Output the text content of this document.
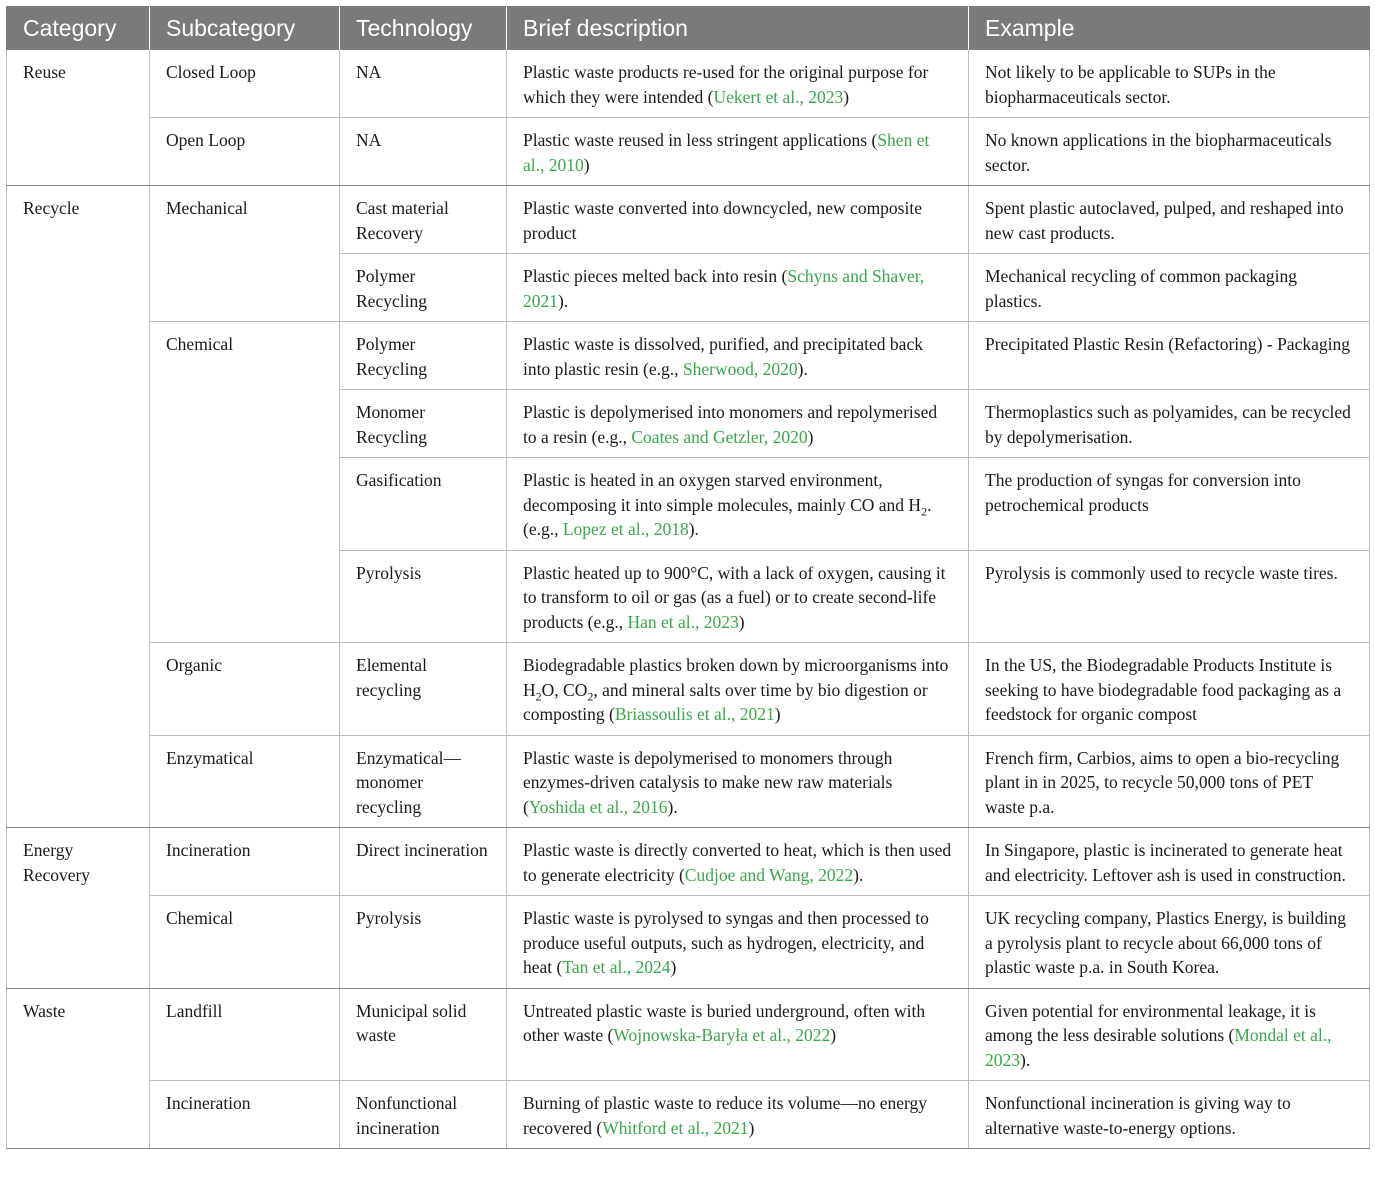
Category	Subcategory	Technology	Brief description	Example
Reuse	Closed Loop	NA	Plastic waste products re-used for the original purpose for which they were intended (Uekert et al., 2023)	Not likely to be applicable to SUPs in the biopharmaceuticals sector.
	Open Loop	NA	Plastic waste reused in less stringent applications (Shen et al., 2010)	No known applications in the biopharmaceuticals sector.
Recycle	Mechanical	Cast material Recovery	Plastic waste converted into downcycled, new composite product	Spent plastic autoclaved, pulped, and reshaped into new cast products.
		Polymer Recycling	Plastic pieces melted back into resin (Schyns and Shaver, 2021).	Mechanical recycling of common packaging plastics.
	Chemical	Polymer Recycling	Plastic waste is dissolved, purified, and precipitated back into plastic resin (e.g., Sherwood, 2020).	Precipitated Plastic Resin (Refactoring) - Packaging
		Monomer Recycling	Plastic is depolymerised into monomers and repolymerised to a resin (e.g., Coates and Getzler, 2020)	Thermoplastics such as polyamides, can be recycled by depolymerisation.
		Gasification	Plastic is heated in an oxygen starved environment, decomposing it into simple molecules, mainly CO and $H_2$. (e.g., Lopez et al., 2018).	The production of syngas for conversion into petrochemical products
		Pyrolysis	Plastic heated up to 900°C, with a lack of oxygen, causing it to transform to oil or gas (as a fuel) or to create second-life products (e.g., Han et al., 2023)	Pyrolysis is commonly used to recycle waste tires.
	Organic	Elemental recycling	Biodegradable plastics broken down by microorganisms into $H_2O$, $CO_2$, and mineral salts over time by bio digestion or composting (Briassoulis et al., 2021)	In the US, the Biodegradable Products Institute is seeking to have biodegradable food packaging as a feedstock for organic compost
	Enzymatical	Enzymatical—monomer recycling	Plastic waste is depolymerised to monomers through enzymes-driven catalysis to make new raw materials (Yoshida et al., 2016).	French firm, Carbios, aims to open a bio-recycling plant in in 2025, to recycle 50,000 tons of PET waste p.a.
Energy Recovery	Incineration	Direct incineration	Plastic waste is directly converted to heat, which is then used to generate electricity (Cudjoe and Wang, 2022).	In Singapore, plastic is incinerated to generate heat and electricity. Leftover ash is used in construction.
	Chemical	Pyrolysis	Plastic waste is pyrolysed to syngas and then processed to produce useful outputs, such as hydrogen, electricity, and heat (Tan et al., 2024)	UK recycling company, Plastics Energy, is building a pyrolysis plant to recycle about 66,000 tons of plastic waste p.a. in South Korea.
Waste	Landfill	Municipal solid waste	Untreated plastic waste is buried underground, often with other waste (Wojnowska-Baryła et al., 2022)	Given potential for environmental leakage, it is among the less desirable solutions (Mondal et al., 2023).
	Incineration	Nonfunctional incineration	Burning of plastic waste to reduce its volume—no energy recovered (Whitford et al., 2021)	Nonfunctional incineration is giving way to alternative waste-to-energy options.
